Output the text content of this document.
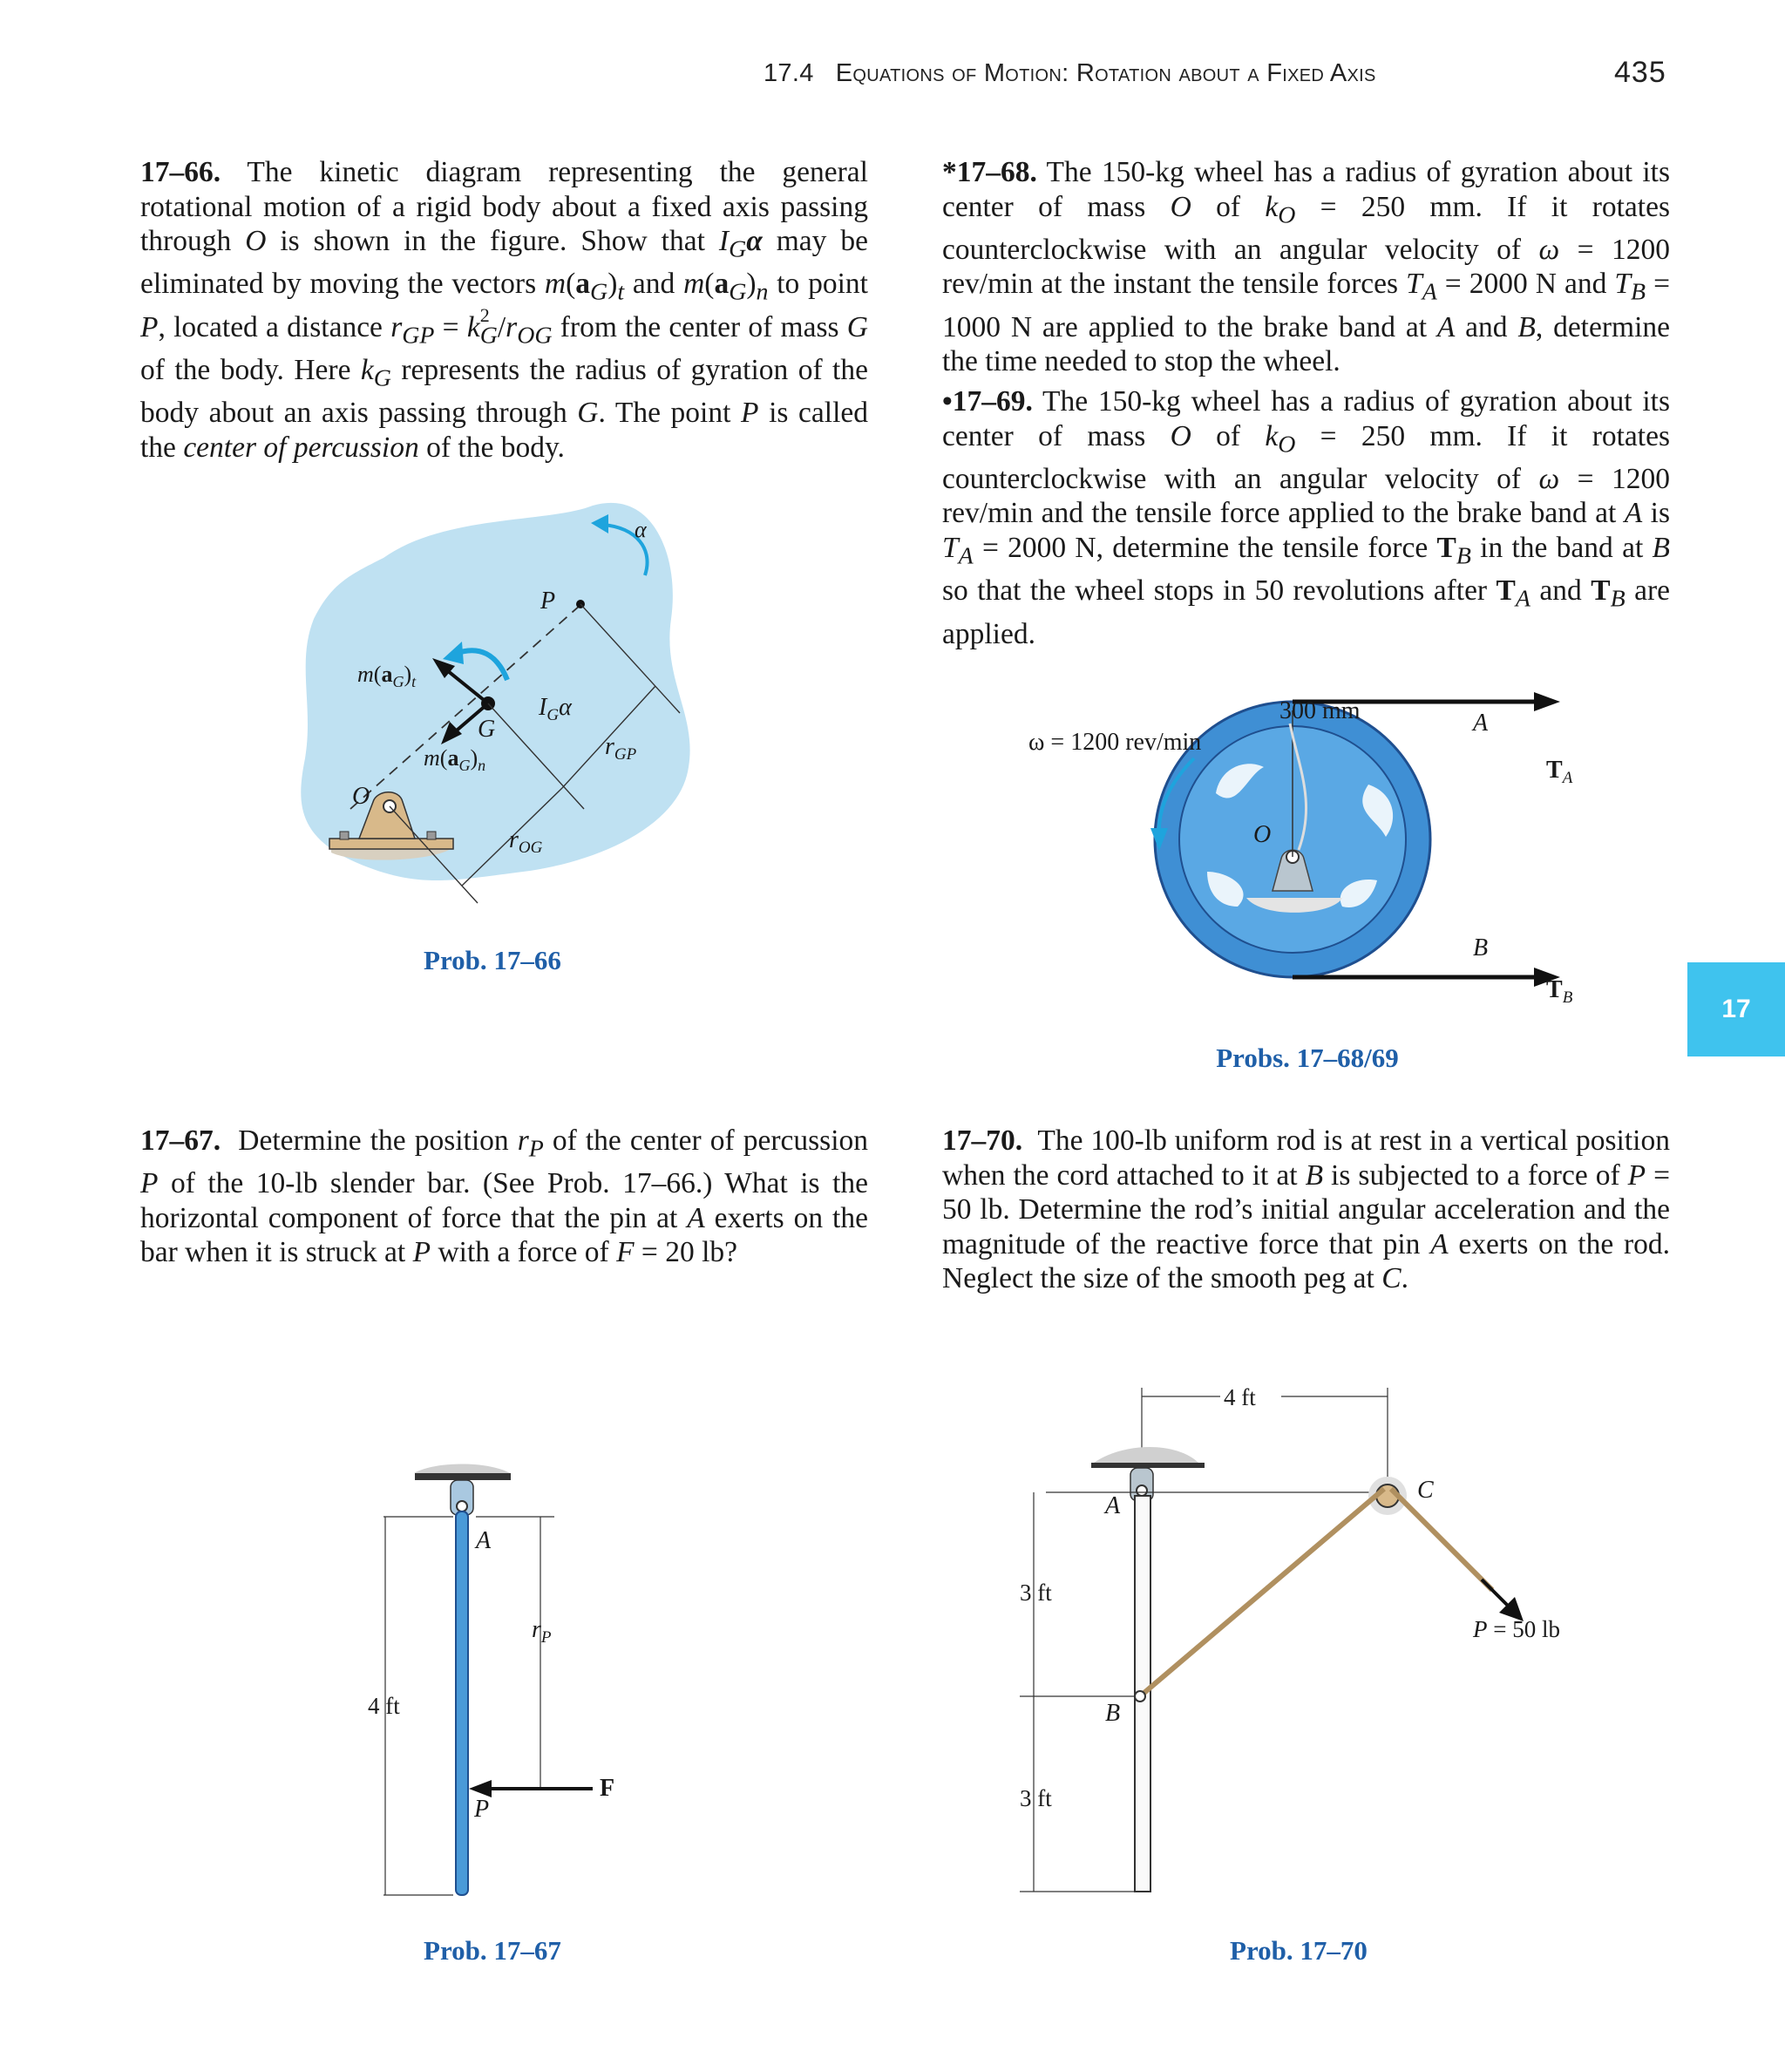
17.4 Equations of Motion: Rotation about a Fixed Axis	435
17

17–66. The kinetic diagram representing the general rotational motion of a rigid body about a fixed axis passing through O is shown in the figure. Show that $I_G\alpha$ may be eliminated by moving the vectors $m(a_G)_t$ and $m(a_G)_n$ to point P, located a distance $r_{GP} = k$ 2
$_G/r_{OG}$ from the center of mass G of the body. Here $k_G$ represents the radius of gyration of the body about an axis passing through G. The point P is called the center of percussion of the body.

17–67. Determine the position $r_P$ of the center of percussion P of the 10-lb slender bar. (See Prob. 17–66.) What is the horizontal component of force that the pin at A exerts on the bar when it is struck at P with a force of F = 20 lb?

*17–68. The 150-kg wheel has a radius of gyration about its center of mass O of $k_O = 250$ mm. If it rotates counterclockwise with an angular velocity of ω = 1200 rev/min at the instant the tensile forces $T_A = 2000$ N and $T_B = 1000$ N are applied to the brake band at A and B, determine the time needed to stop the wheel.

•17–69. The 150-kg wheel has a radius of gyration about its center of mass O of $k_O = 250$ mm. If it rotates counterclockwise with an angular velocity of ω = 1200 rev/min and the tensile force applied to the brake band at A is $T_A = 2000$ N, determine the tensile force $T_B$ in the band at B so that the wheel stops in 50 revolutions after $T_A$ and $T_B$ are applied.

17–70. The 100-lb uniform rod is at rest in a vertical position when the cord attached to it at B is subjected to a force of P = 50 lb. Determine the rod’s initial angular acceleration and the magnitude of the reactive force that pin A exerts on the rod. Neglect the size of the smooth peg at C.

α
P
G
O
$m(a_G)_t$
$m(a_G)_n$
$I_G\alpha$
$r_{GP}$
$r_{OG}$
Prob. 17–66
300 mm
ω = 1200 rev/min
O
A
B
$T_A$
$T_B$
Probs. 17–68/69
A
$r_P$
4 ft
P
F
Prob. 17–67
4 ft
3 ft
3 ft
A
B
C
P = 50 lb
Prob. 17–70
